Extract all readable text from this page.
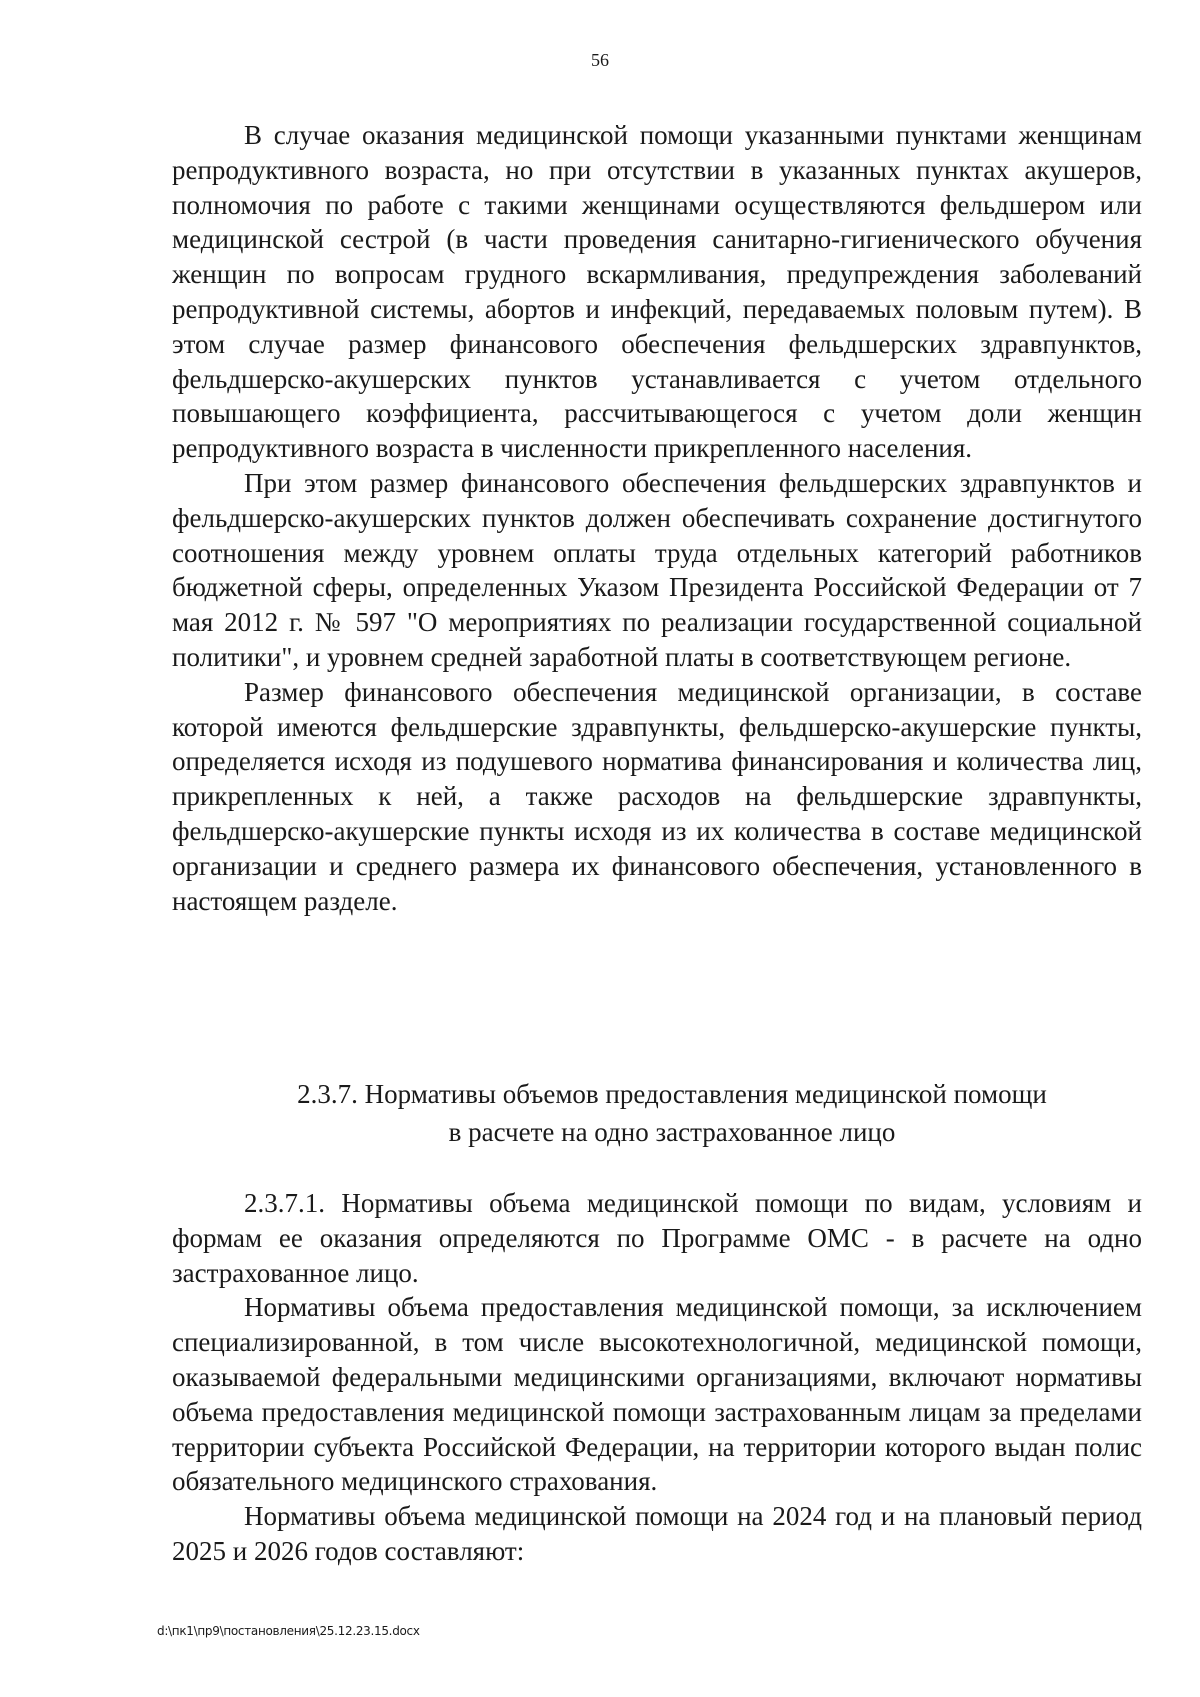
56

В случае оказания медицинской помощи указанными пунктами женщинам репродуктивного возраста, но при отсутствии в указанных пунктах акушеров, полномочия по работе с такими женщинами осуществляются фельдшером или медицинской сестрой (в части проведения санитарно-гигиенического обучения женщин по вопросам грудного вскармливания, предупреждения заболеваний репродуктивной системы, абортов и инфекций, передаваемых половым путем). В этом случае размер финансового обеспечения фельдшерских здравпунктов, фельдшерско-акушерских пунктов устанавливается с учетом отдельного повышающего коэффициента, рассчитывающегося с учетом доли женщин репродуктивного возраста в численности прикрепленного населения.

При этом размер финансового обеспечения фельдшерских здравпунктов и фельдшерско-акушерских пунктов должен обеспечивать сохранение достигнутого соотношения между уровнем оплаты труда отдельных категорий работников бюджетной сферы, определенных Указом Президента Российской Федерации от 7 мая 2012 г. № 597 "О мероприятиях по реализации государственной социальной политики", и уровнем средней заработной платы в соответствующем регионе.

Размер финансового обеспечения медицинской организации, в составе которой имеются фельдшерские здравпункты, фельдшерско-акушерские пункты, определяется исходя из подушевого норматива финансирования и количества лиц, прикрепленных к ней, а также расходов на фельдшерские здравпункты, фельдшерско-акушерские пункты исходя из их количества в составе медицинской организации и среднего размера их финансового обеспечения, установленного в настоящем разделе.

2.3.7. Нормативы объемов предоставления медицинской помощи
в расчете на одно застрахованное лицо

2.3.7.1. Нормативы объема медицинской помощи по видам, условиям и формам ее оказания определяются по Программе ОМС - в расчете на одно застрахованное лицо.

Нормативы объема предоставления медицинской помощи, за исключением специализированной, в том числе высокотехнологичной, медицинской помощи, оказываемой федеральными медицинскими организациями, включают нормативы объема предоставления медицинской помощи застрахованным лицам за пределами территории субъекта Российской Федерации, на территории которого выдан полис обязательного медицинского страхования.

Нормативы объема медицинской помощи на 2024 год и на плановый период 2025 и 2026 годов составляют:

d:\пк1\пр9\постановления\25.12.23.15.docx
